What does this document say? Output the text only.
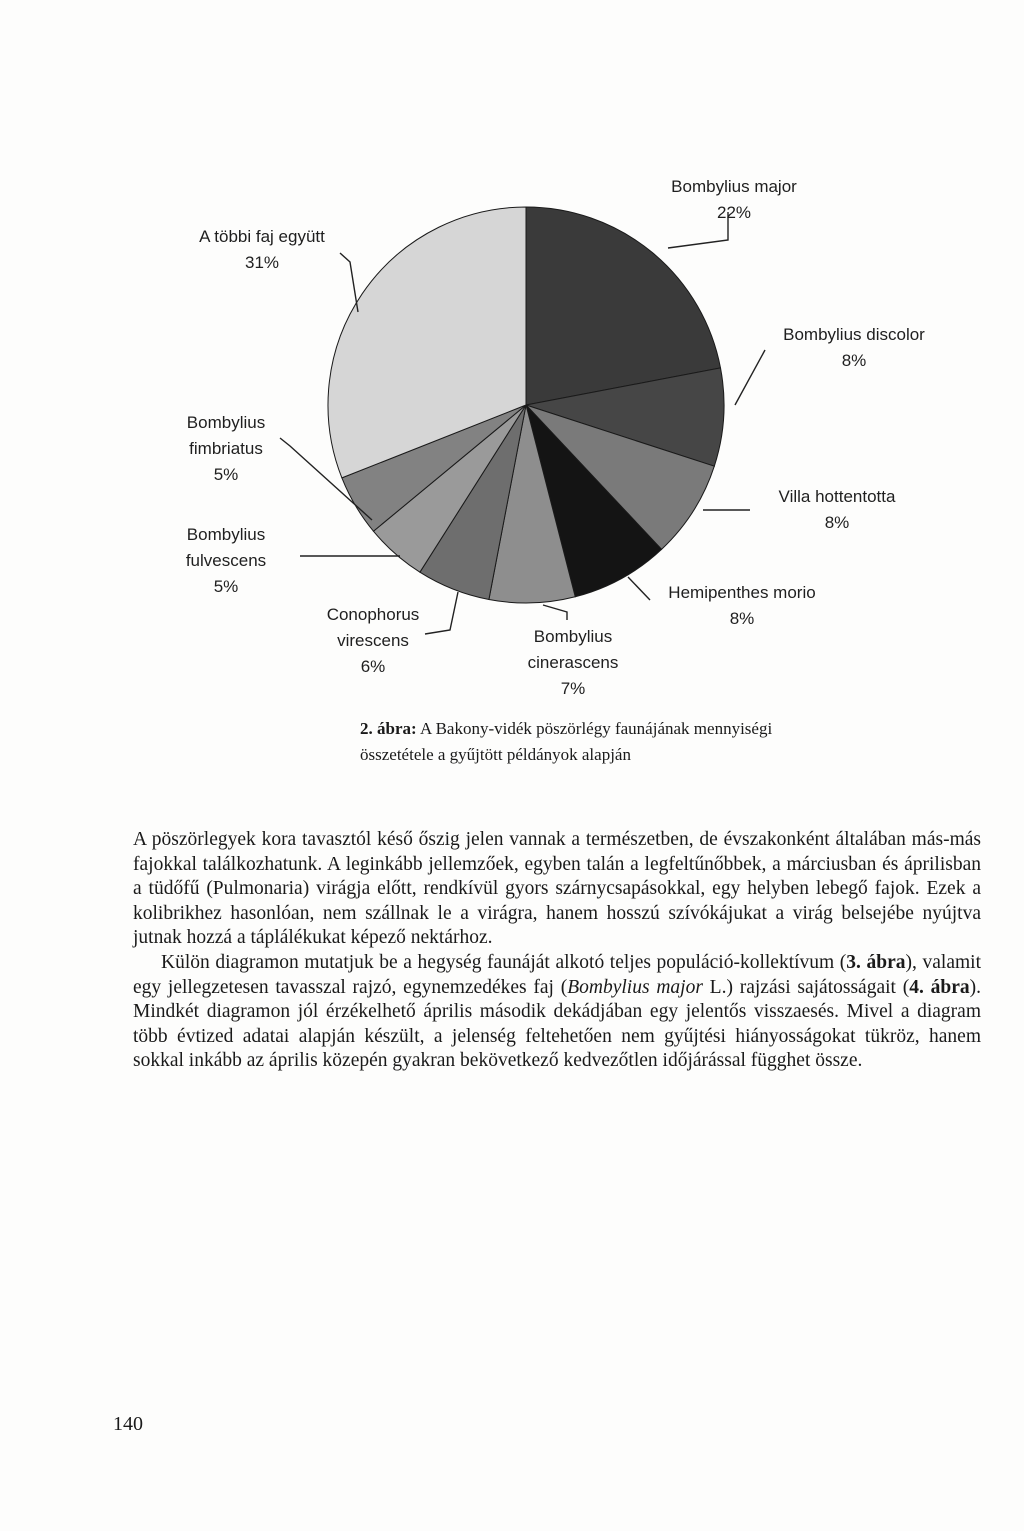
Bombylius major 22%
Bombylius discolor 8%
Villa hottentotta 8%
Hemipenthes morio 8%
Bombylius cinerascens 7%
Conophorus virescens 6%
Bombylius fulvescens 5%
Bombylius fimbriatus 5%
A többi faj együtt 31%
2. ábra: A Bakony-vidék pöszörlégy faunájának mennyiségi
összetétele a gyűjtött példányok alapján

A pöszörlegyek kora tavasztól késő őszig jelen vannak a természetben, de évszakonként általában más-más fajokkal találkozhatunk. A leginkább jellemzőek, egyben talán a legfeltűnőbbek, a márciusban és áprilisban a tüdőfű (Pulmonaria) virágja előtt, rendkívül gyors szárnycsapásokkal, egy helyben lebegő fajok. Ezek a kolibrikhez hasonlóan, nem szállnak le a virágra, hanem hosszú szívókájukat a virág belsejébe nyújtva jutnak hozzá a táplálékukat képező nektárhoz.

Külön diagramon mutatjuk be a hegység faunáját alkotó teljes populáció-kollektívum (3. ábra), valamit egy jellegzetesen tavasszal rajzó, egynemzedékes faj (Bombylius major L.) rajzási sajátosságait (4. ábra). Mindkét diagramon jól érzékelhető április második dekádjában egy jelentős visszaesés. Mivel a diagram több évtized adatai alapján készült, a jelenség feltehetően nem gyűjtési hiányosságokat tükröz, hanem sokkal inkább az április közepén gyakran bekövetkező kedvezőtlen időjárással függhet össze.

140
